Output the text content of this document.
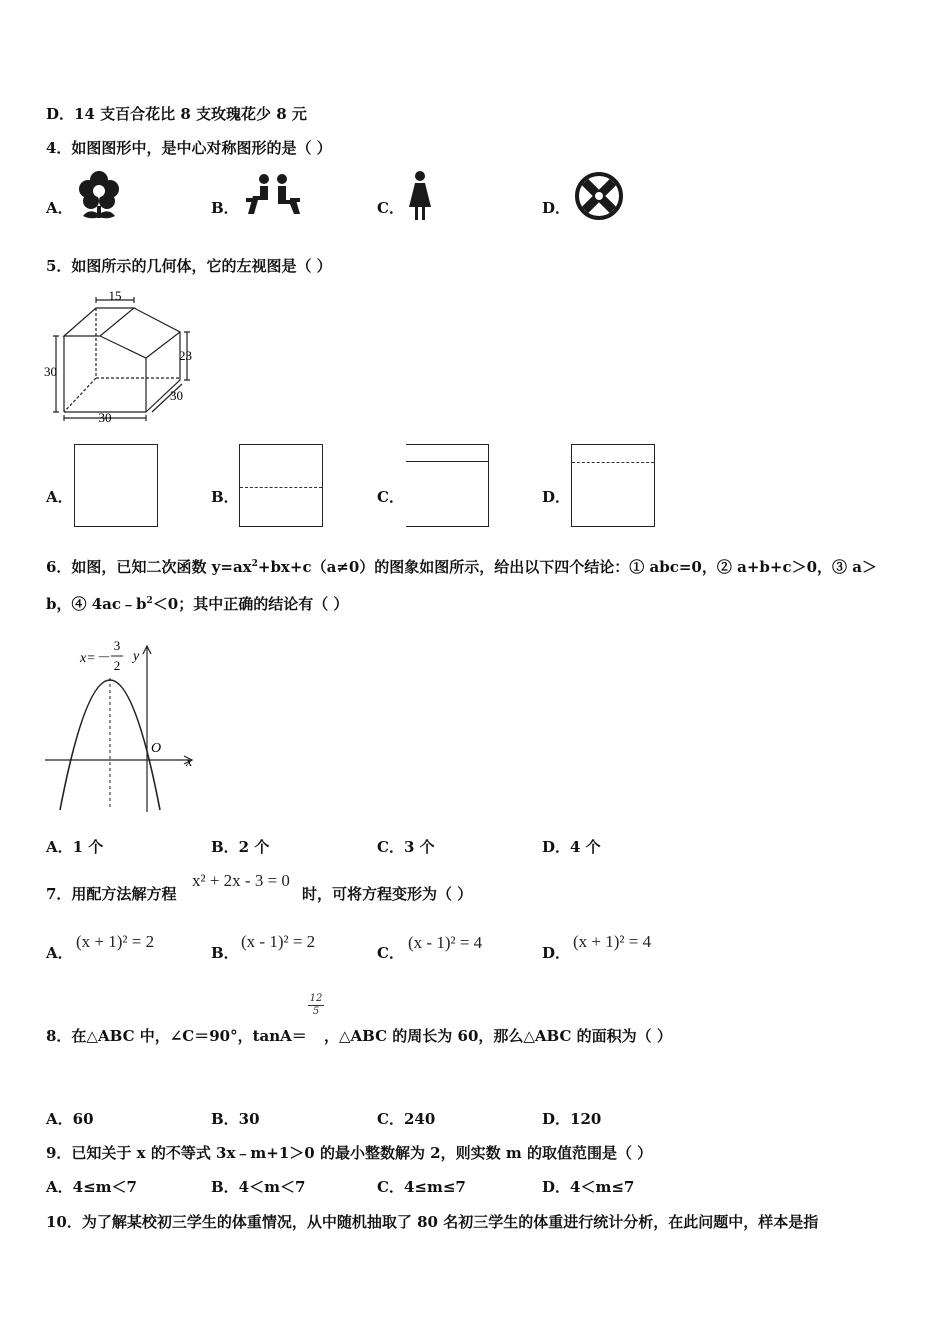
D．14 支百合花比 8 支玫瑰花少 8 元
4．如图图形中，是中心对称图形的是（ ）
A．	B．	C．	D．
5．如图所示的几何体，它的左视图是（ ）
15
30
23
30
30
A．	B．	C．	D．
6．如图，已知二次函数 $y=ax^2+bx+c(a\ne 0)$的图象如图所示，给出以下四个结论：① abc=0，② a+b+c＞0，③ a＞
b，④ $4ac﹣b^2<0$；其中正确的结论有（ ）
x=－
3
2
y
x
O
A．1 个	B．2 个	C．3 个	D．4 个
7．用配方法解方程
x² + 2x - 3 = 0
时，可将方程变形为（ ）
A．
(x + 1)² = 2
B．
(x - 1)² = 2
C．
(x - 1)² = 4
D．
(x + 1)² = 4
8．在△ABC 中，∠C＝90°，tanA＝
12
5
，△ABC 的周长为 60，那么△ABC 的面积为（ ）
A．60	B．30	C．240	D．120
9．已知关于 x 的不等式 3x﹣m+1＞0 的最小整数解为 2，则实数 m 的取值范围是（ ）
A．4≤m＜7	B．4＜m＜7	C．4≤m≤7	D．4＜m≤7
10．为了解某校初三学生的体重情况，从中随机抽取了 80 名初三学生的体重进行统计分析，在此问题中，样本是指
